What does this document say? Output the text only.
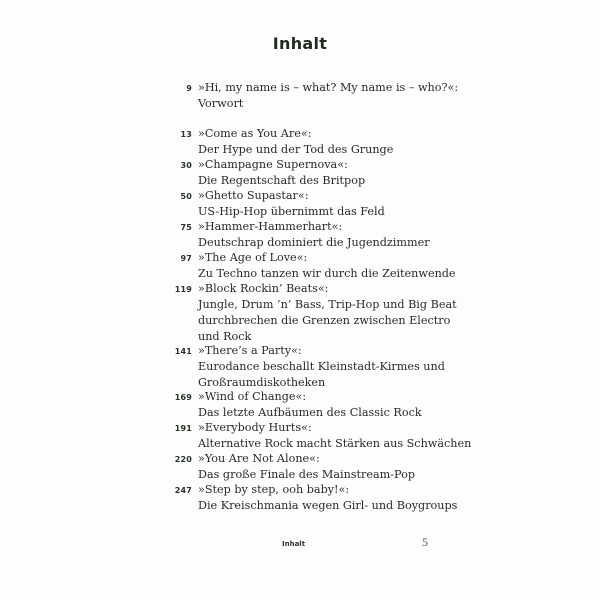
Inhalt
9 »Hi, my name is – what? My name is – who?«:
Vorwort
13 »Come as You Are«:
Der Hype und der Tod des Grunge
30 »Champagne Supernova«:
Die Regentschaft des Britpop
50 »Ghetto Supastar«:
US-Hip-Hop übernimmt das Feld
75 »Hammer-Hammerhart«:
Deutschrap dominiert die Jugendzimmer
97 »The Age of Love«:
Zu Techno tanzen wir durch die Zeitenwende
119 »Block Rockin’ Beats«:
Jungle, Drum ’n’ Bass, Trip-Hop und Big Beat
durchbrechen die Grenzen zwischen Electro
und Rock
141 »There’s a Party«:
Eurodance beschallt Kleinstadt-Kirmes und
Großraumdiskotheken
169 »Wind of Change«:
Das letzte Aufbäumen des Classic Rock
191 »Everybody Hurts«:
Alternative Rock macht Stärken aus Schwächen
220 »You Are Not Alone«:
Das große Finale des Mainstream-Pop
247 »Step by step, ooh baby!«:
Die Kreischmania wegen Girl- und Boygroups
Inhalt	5
